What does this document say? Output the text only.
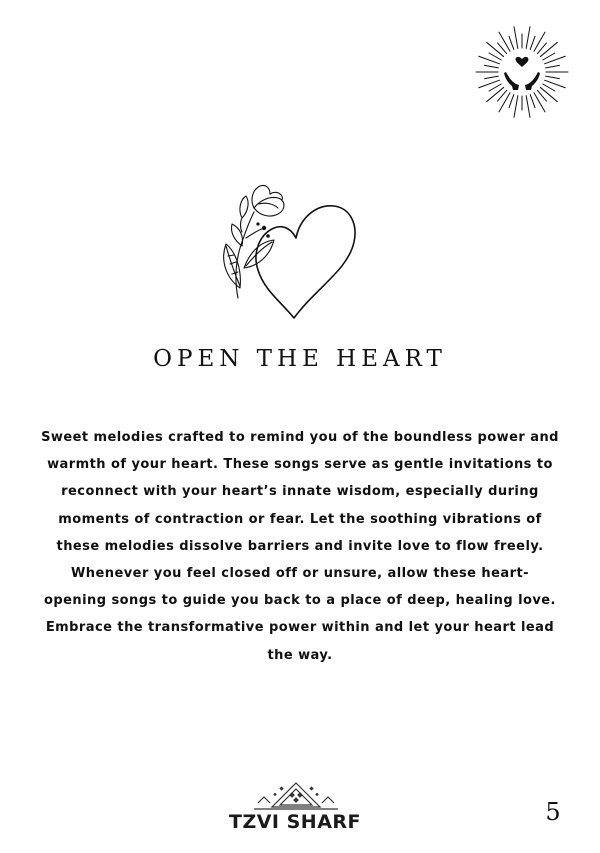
OPEN THE HEART

Sweet melodies crafted to remind you of the boundless power and warmth of your heart. These songs serve as gentle invitations to reconnect with your heart’s innate wisdom, especially during moments of contraction or fear. Let the soothing vibrations of these melodies dissolve barriers and invite love to flow freely. Whenever you feel closed off or unsure, allow these heart-opening songs to guide you back to a place of deep, healing love. Embrace the transformative power within and let your heart lead the way.

TZVI SHARF	5
